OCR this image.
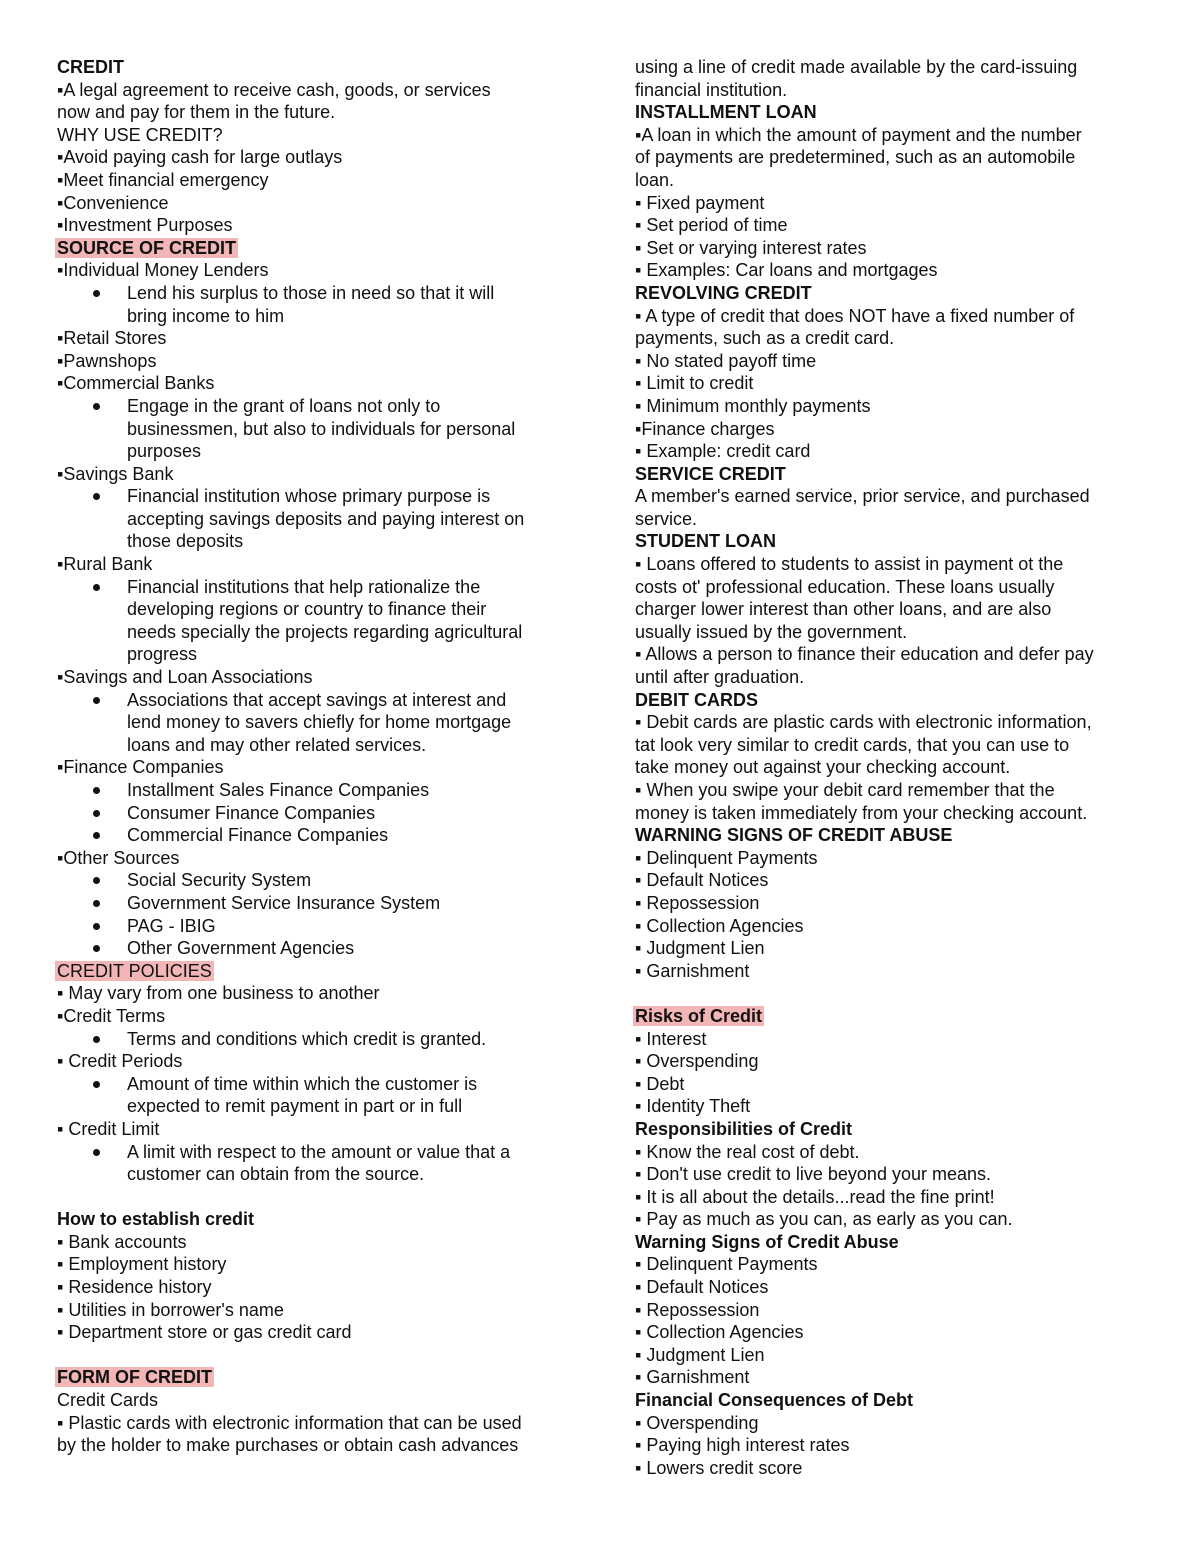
CREDIT
▪A legal agreement to receive cash, goods, or services
now and pay for them in the future.
WHY USE CREDIT?
▪Avoid paying cash for large outlays
▪Meet financial emergency
▪Convenience
▪Investment Purposes
SOURCE OF CREDIT
▪Individual Money Lenders
Lend his surplus to those in need so that it will
bring income to him
▪Retail Stores
▪Pawnshops
▪Commercial Banks
Engage in the grant of loans not only to
businessmen, but also to individuals for personal
purposes
▪Savings Bank
Financial institution whose primary purpose is
accepting savings deposits and paying interest on
those deposits
▪Rural Bank
Financial institutions that help rationalize the
developing regions or country to finance their
needs specially the projects regarding agricultural
progress
▪Savings and Loan Associations
Associations that accept savings at interest and
lend money to savers chiefly for home mortgage
loans and may other related services.
▪Finance Companies
Installment Sales Finance Companies
Consumer Finance Companies
Commercial Finance Companies
▪Other Sources
Social Security System
Government Service Insurance System
PAG - IBIG
Other Government Agencies
CREDIT POLICIES
▪ May vary from one business to another
▪Credit Terms
Terms and conditions which credit is granted.
▪ Credit Periods
Amount of time within which the customer is
expected to remit payment in part or in full
▪ Credit Limit
A limit with respect to the amount or value that a
customer can obtain from the source.
How to establish credit
▪ Bank accounts
▪ Employment history
▪ Residence history
▪ Utilities in borrower's name
▪ Department store or gas credit card
FORM OF CREDIT
Credit Cards
▪ Plastic cards with electronic information that can be used
by the holder to make purchases or obtain cash advances
using a line of credit made available by the card-issuing
financial institution.
INSTALLMENT LOAN
▪A loan in which the amount of payment and the number
of payments are predetermined, such as an automobile
loan.
▪ Fixed payment
▪ Set period of time
▪ Set or varying interest rates
▪ Examples: Car loans and mortgages
REVOLVING CREDIT
▪ A type of credit that does NOT have a fixed number of
payments, such as a credit card.
▪ No stated payoff time
▪ Limit to credit
▪ Minimum monthly payments
▪Finance charges
▪ Example: credit card
SERVICE CREDIT
A member's earned service, prior service, and purchased
service.
STUDENT LOAN
▪ Loans offered to students to assist in payment ot the
costs ot' professional education. These loans usually
charger lower interest than other loans, and are also
usually issued by the government.
▪ Allows a person to finance their education and defer pay
until after graduation.
DEBIT CARDS
▪ Debit cards are plastic cards with electronic information,
tat look very similar to credit cards, that you can use to
take money out against your checking account.
▪ When you swipe your debit card remember that the
money is taken immediately from your checking account.
WARNING SIGNS OF CREDIT ABUSE
▪ Delinquent Payments
▪ Default Notices
▪ Repossession
▪ Collection Agencies
▪ Judgment Lien
▪ Garnishment
Risks of Credit
▪ Interest
▪ Overspending
▪ Debt
▪ Identity Theft
Responsibilities of Credit
▪ Know the real cost of debt.
▪ Don't use credit to live beyond your means.
▪ It is all about the details...read the fine print!
▪ Pay as much as you can, as early as you can.
Warning Signs of Credit Abuse
▪ Delinquent Payments
▪ Default Notices
▪ Repossession
▪ Collection Agencies
▪ Judgment Lien
▪ Garnishment
Financial Consequences of Debt
▪ Overspending
▪ Paying high interest rates
▪ Lowers credit score
